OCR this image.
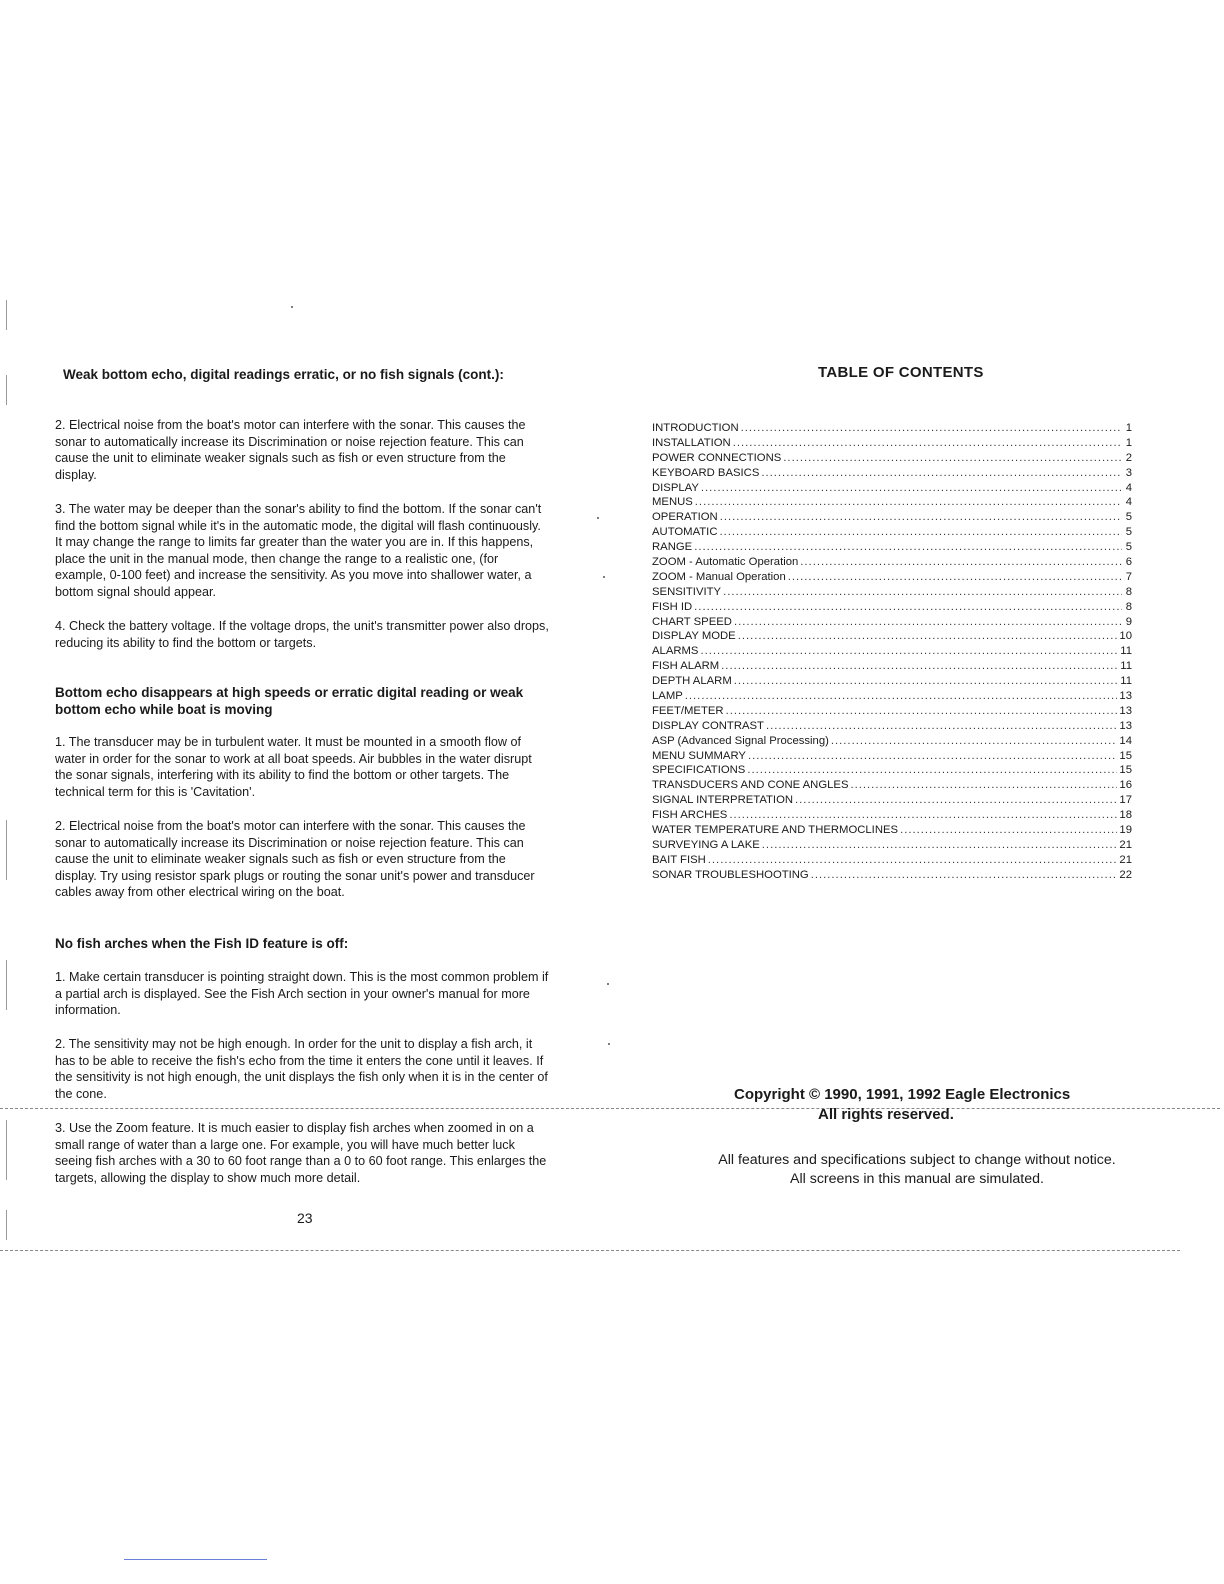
Weak bottom echo, digital readings erratic, or no fish signals (cont.):
2. Electrical noise from the boat's motor can interfere with the sonar. This causes the sonar to automatically increase its Discrimination or noise rejection feature. This can cause the unit to eliminate weaker signals such as fish or even structure from the display.
3. The water may be deeper than the sonar's ability to find the bottom. If the sonar can't find the bottom signal while it's in the automatic mode, the digital will flash continuously. It may change the range to limits far greater than the water you are in. If this happens, place the unit in the manual mode, then change the range to a realistic one, (for example, 0-100 feet) and increase the sensitivity. As you move into shallower water, a bottom signal should appear.
4. Check the battery voltage. If the voltage drops, the unit's transmitter power also drops, reducing its ability to find the bottom or targets.
Bottom echo disappears at high speeds or erratic digital reading or weak bottom echo while boat is moving
1. The transducer may be in turbulent water. It must be mounted in a smooth flow of water in order for the sonar to work at all boat speeds. Air bubbles in the water disrupt the sonar signals, interfering with its ability to find the bottom or other targets. The technical term for this is 'Cavitation'.
2. Electrical noise from the boat's motor can interfere with the sonar. This causes the sonar to automatically increase its Discrimination or noise rejection feature. This can cause the unit to eliminate weaker signals such as fish or even structure from the display. Try using resistor spark plugs or routing the sonar unit's power and transducer cables away from other electrical wiring on the boat.
No fish arches when the Fish ID feature is off:
1. Make certain transducer is pointing straight down. This is the most common problem if a partial arch is displayed. See the Fish Arch section in your owner's manual for more information.
2. The sensitivity may not be high enough. In order for the unit to display a fish arch, it has to be able to receive the fish's echo from the time it enters the cone until it leaves. If the sensitivity is not high enough, the unit displays the fish only when it is in the center of the cone.
3. Use the Zoom feature. It is much easier to display fish arches when zoomed in on a small range of water than a large one. For example, you will have much better luck seeing fish arches with a 30 to 60 foot range than a 0 to 60 foot range. This enlarges the targets, allowing the display to show much more detail.
23
TABLE OF CONTENTS
INTRODUCTION .....	1
INSTALLATION .....	1
POWER CONNECTIONS .....	2
KEYBOARD BASICS .....	3
DISPLAY .....	4
MENUS .....	4
OPERATION .....	5
AUTOMATIC .....	5
RANGE .....	5
ZOOM - Automatic Operation .....	6
ZOOM - Manual Operation .....	7
SENSITIVITY .....	8
FISH ID .....	8
CHART SPEED .....	9
DISPLAY MODE .....	10
ALARMS .....	11
FISH ALARM .....	11
DEPTH ALARM .....	11
LAMP .....	13
FEET/METER .....	13
DISPLAY CONTRAST .....	13
ASP (Advanced Signal Processing) .....	14
MENU SUMMARY .....	15
SPECIFICATIONS .....	15
TRANSDUCERS AND CONE ANGLES .....	16
SIGNAL INTERPRETATION .....	17
FISH ARCHES .....	18
WATER TEMPERATURE AND THERMOCLINES .....	19
SURVEYING A LAKE .....	21
BAIT FISH .....	21
SONAR TROUBLESHOOTING .....	22
Copyright © 1990, 1991, 1992 Eagle Electronics
All rights reserved.
All features and specifications subject to change without notice.
All screens in this manual are simulated.
